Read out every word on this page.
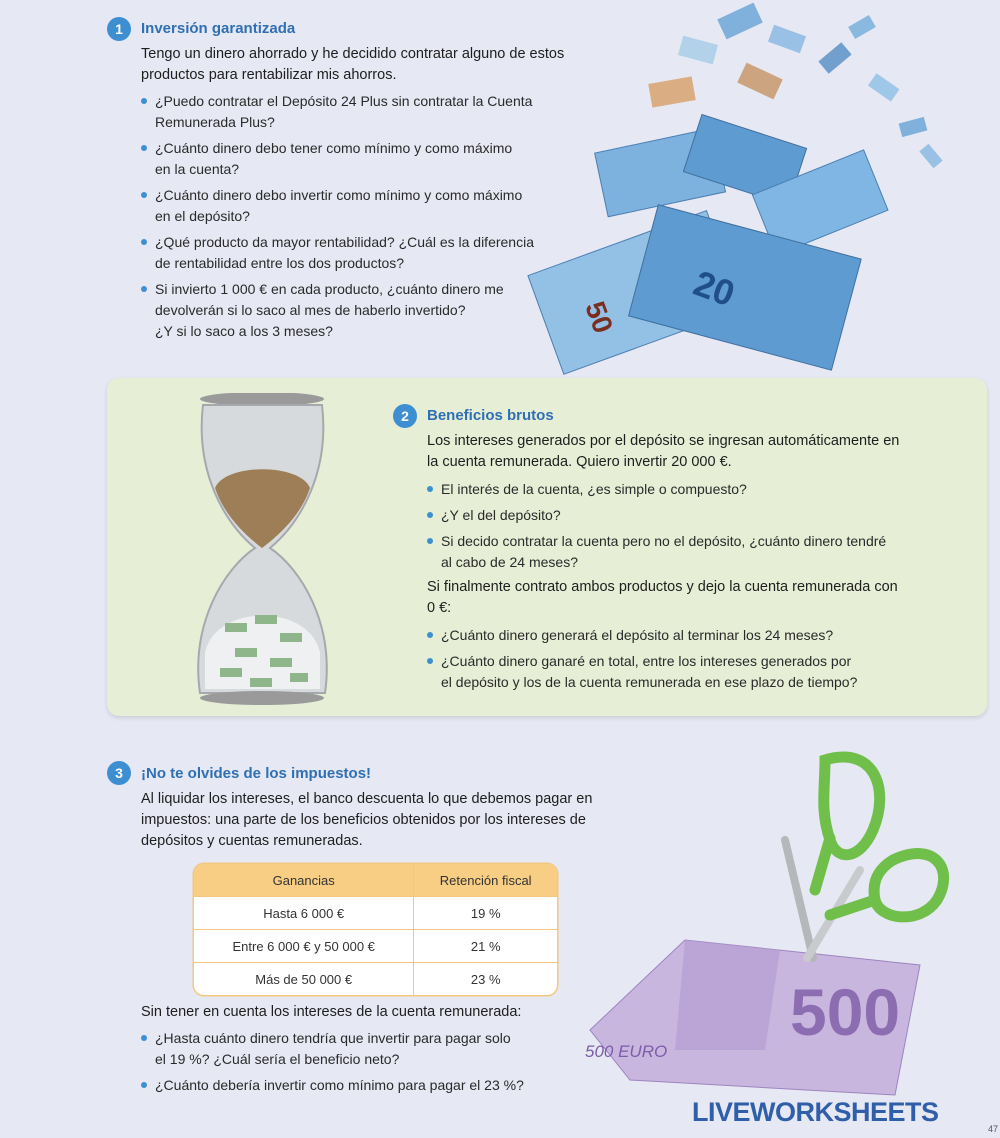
1	Inversión garantizada
Tengo un dinero ahorrado y he decidido contratar alguno de estos productos para rentabilizar mis ahorros.
¿Puedo contratar el Depósito 24 Plus sin contratar la Cuenta
Remunerada Plus?
¿Cuánto dinero debo tener como mínimo y como máximo
en la cuenta?
¿Cuánto dinero debo invertir como mínimo y como máximo
en el depósito?
¿Qué producto da mayor rentabilidad? ¿Cuál es la diferencia
de rentabilidad entre los dos productos?
Si invierto 1 000 € en cada producto, ¿cuánto dinero me
devolverán si lo saco al mes de haberlo invertido?
¿Y si lo saco a los 3 meses?
20
50
2	Beneficios brutos
Los intereses generados por el depósito se ingresan automáticamente en la cuenta remunerada. Quiero invertir 20 000 €.
El interés de la cuenta, ¿es simple o compuesto?
¿Y el del depósito?
Si decido contratar la cuenta pero no el depósito, ¿cuánto dinero tendré
al cabo de 24 meses?
Si finalmente contrato ambos productos y dejo la cuenta remunerada con 0 €:
¿Cuánto dinero generará el depósito al terminar los 24 meses?
¿Cuánto dinero ganaré en total, entre los intereses generados por
el depósito y los de la cuenta remunerada en ese plazo de tiempo?
3	¡No te olvides de los impuestos!
Al liquidar los intereses, el banco descuenta lo que debemos pagar en impuestos: una parte de los beneficios obtenidos por los intereses de depósitos y cuentas remuneradas.
Ganancias	Retención fiscal
Hasta 6 000 €	19 %
Entre 6 000 € y 50 000 €	21 %
Más de 50 000 €	23 %
Sin tener en cuenta los intereses de la cuenta remunerada:
¿Hasta cuánto dinero tendría que invertir para pagar solo
el 19 %? ¿Cuál sería el beneficio neto?
¿Cuánto debería invertir como mínimo para pagar el 23 %?
500
500 EURO
LIVEWORKSHEETS
47
